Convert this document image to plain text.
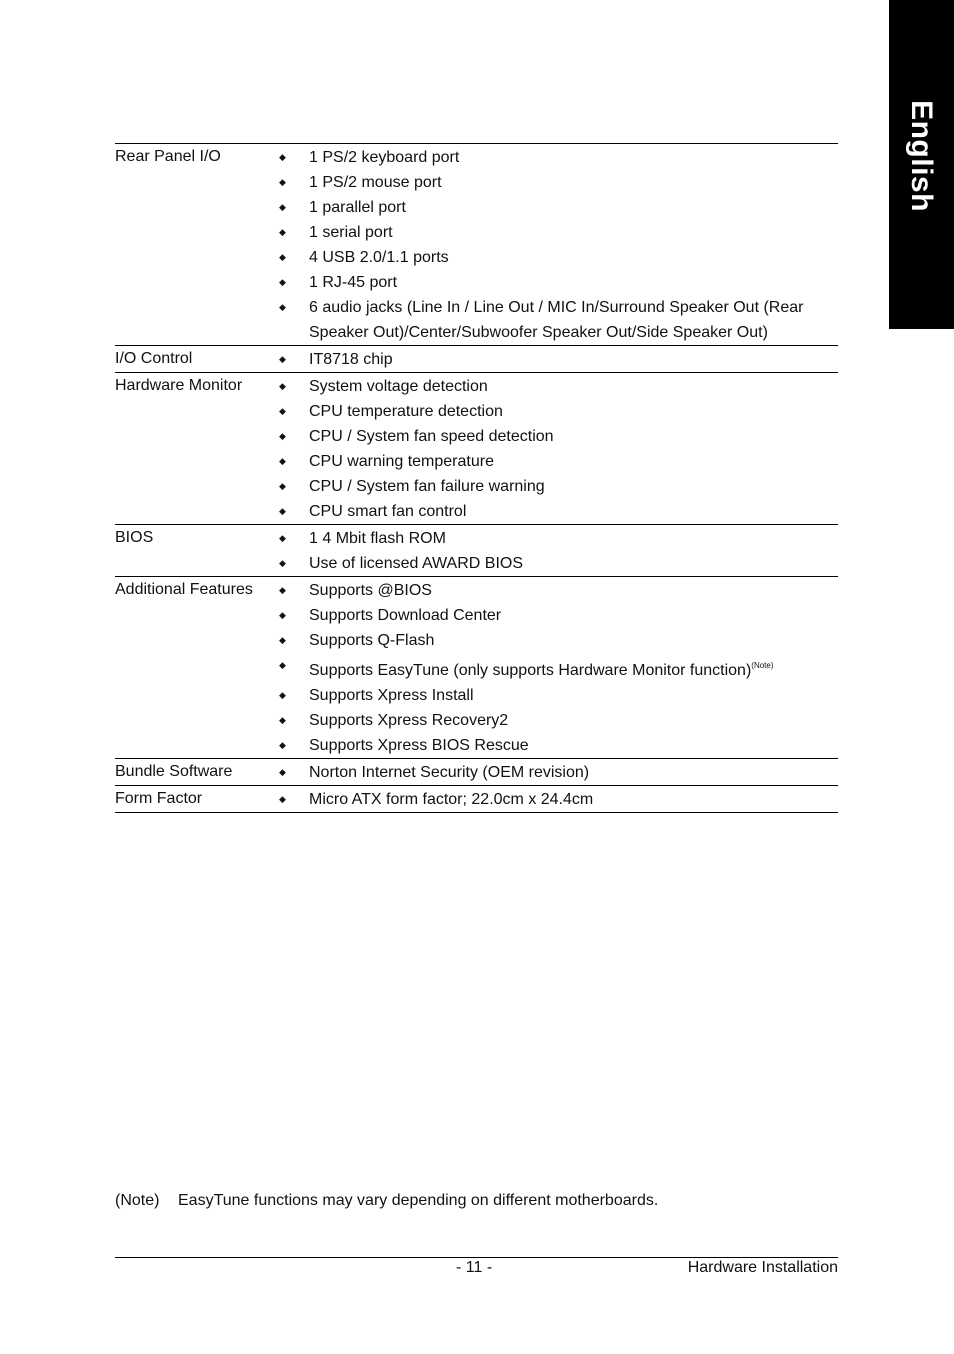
English
Rear Panel I/O	◆ 1 PS/2 keyboard port
◆ 1 PS/2 mouse port
◆ 1 parallel port
◆ 1 serial port
◆ 4 USB 2.0/1.1 ports
◆ 1 RJ-45 port
◆ 6 audio jacks (Line In / Line Out / MIC In/Surround Speaker Out (Rear
Speaker Out)/Center/Subwoofer Speaker Out/Side Speaker Out)
I/O Control	◆ IT8718 chip
Hardware Monitor	◆ System voltage detection
◆ CPU temperature detection
◆ CPU / System fan speed detection
◆ CPU warning temperature
◆ CPU / System fan failure warning
◆ CPU smart fan control
BIOS	◆ 1 4 Mbit flash ROM
◆ Use of licensed AWARD BIOS
Additional Features	◆ Supports @BIOS
◆ Supports Download Center
◆ Supports Q-Flash
◆ Supports EasyTune (only supports Hardware Monitor function)$^{(Note)}$
◆ Supports Xpress Install
◆ Supports Xpress Recovery2
◆ Supports Xpress BIOS Rescue
Bundle Software	◆ Norton Internet Security (OEM revision)
Form Factor	◆ Micro ATX form factor; 22.0cm x 24.4cm
(Note) EasyTune functions may vary depending on different motherboards.
- 11 -	Hardware Installation
